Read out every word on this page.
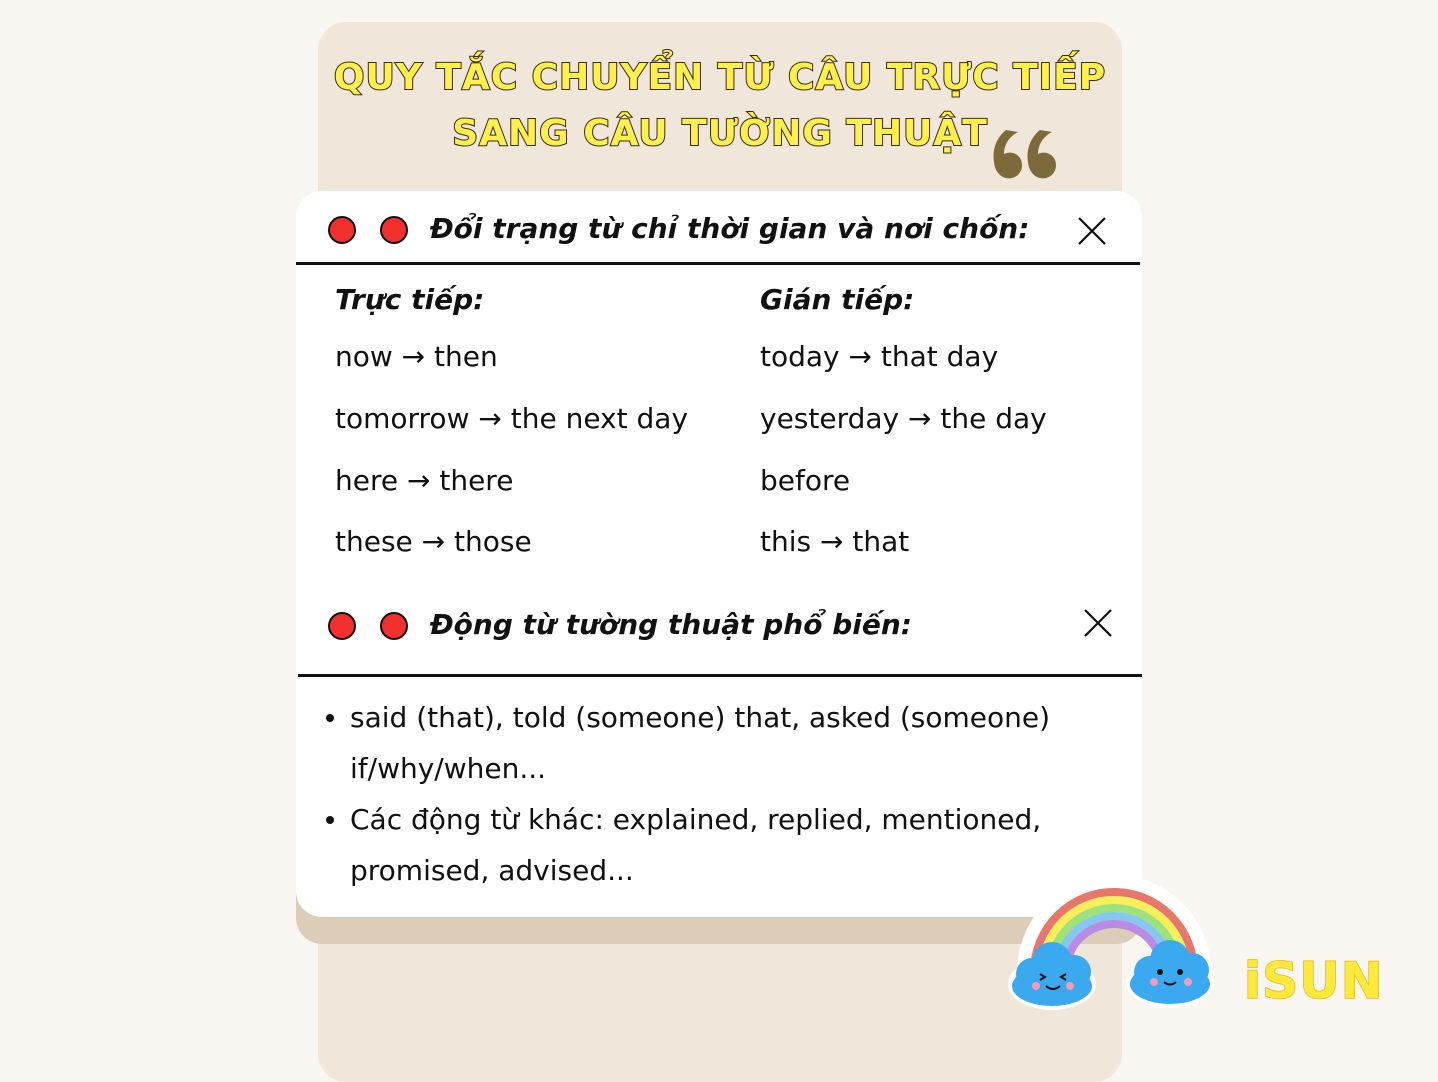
QUY TẮC CHUYỂN TỪ CÂU TRỰC TIẾP
SANG CÂU TƯỜNG THUẬT
Đổi trạng từ chỉ thời gian và nơi chốn:
Trực tiếp:	Gián tiếp:
now → then
tomorrow → the next day
here → there
these → those
today → that day
yesterday → the day
before
this → that
Động từ tường thuật phổ biến:
said (that), told (someone) that, asked (someone) if/why/when...
Các động từ khác: explained, replied, mentioned, promised, advised...
iSUN
